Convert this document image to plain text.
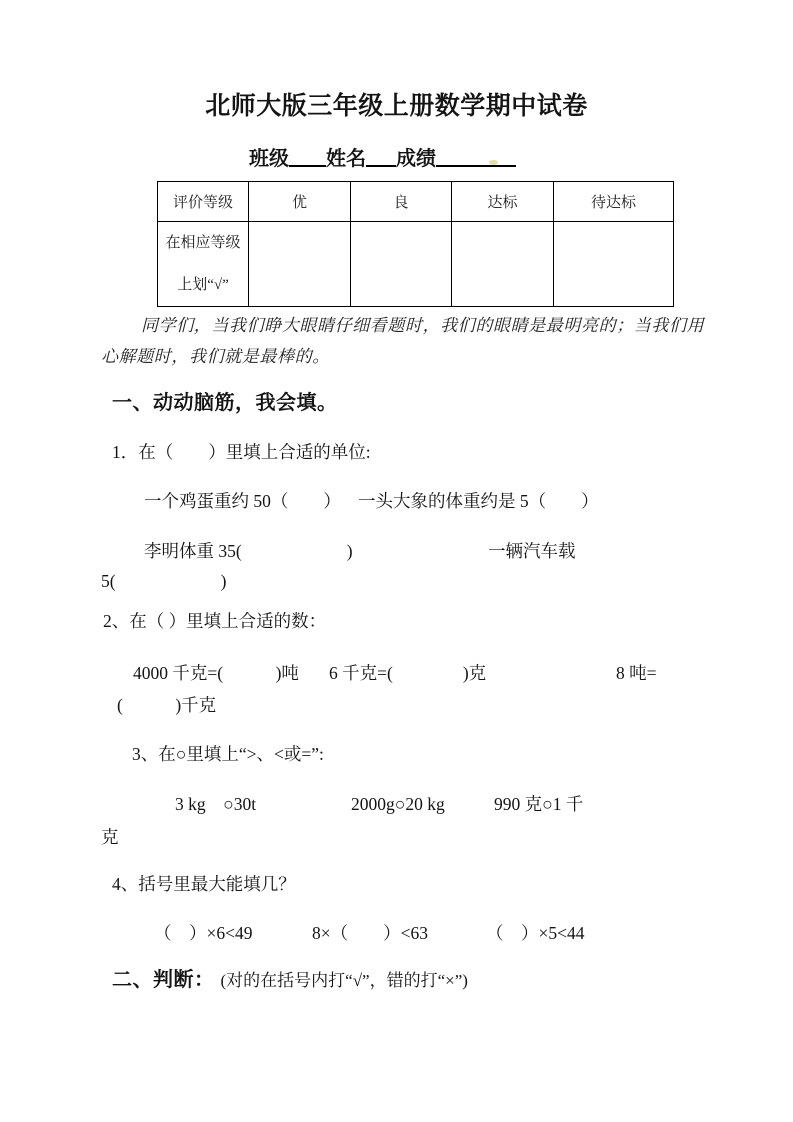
北师大版三年级上册数学期中试卷
班级 姓名 成绩
评价等级	优	良	达标	待达标

在相应等级
上划“√”				

同学们，当我们睁大眼睛仔细看题时，我们的眼睛是最明亮的；当我们用
心解题时，我们就是最棒的。
一、动动脑筋，我会填。
1．在（　　）里填上合适的单位:
一个鸡蛋重约 50（　　） 一头大象的体重约是 5（　　）
李明体重 35(　　　　　　)	一辆汽车载
5(　　　　　　)
2、在（ ）里填上合适的数：
4000 千克=(　　　)吨 6 千克=(　　　　)克	8 吨=
(　　　)千克
3、在○里填上“>、<或=”:
3 kg　○30t	2000g○20 kg	990 克○1 千
克
4、括号里最大能填几？
（　）×6<49	8×（　　）<63	（　）×5<44
二、判断： (对的在括号内打“√”，错的打“×”)
